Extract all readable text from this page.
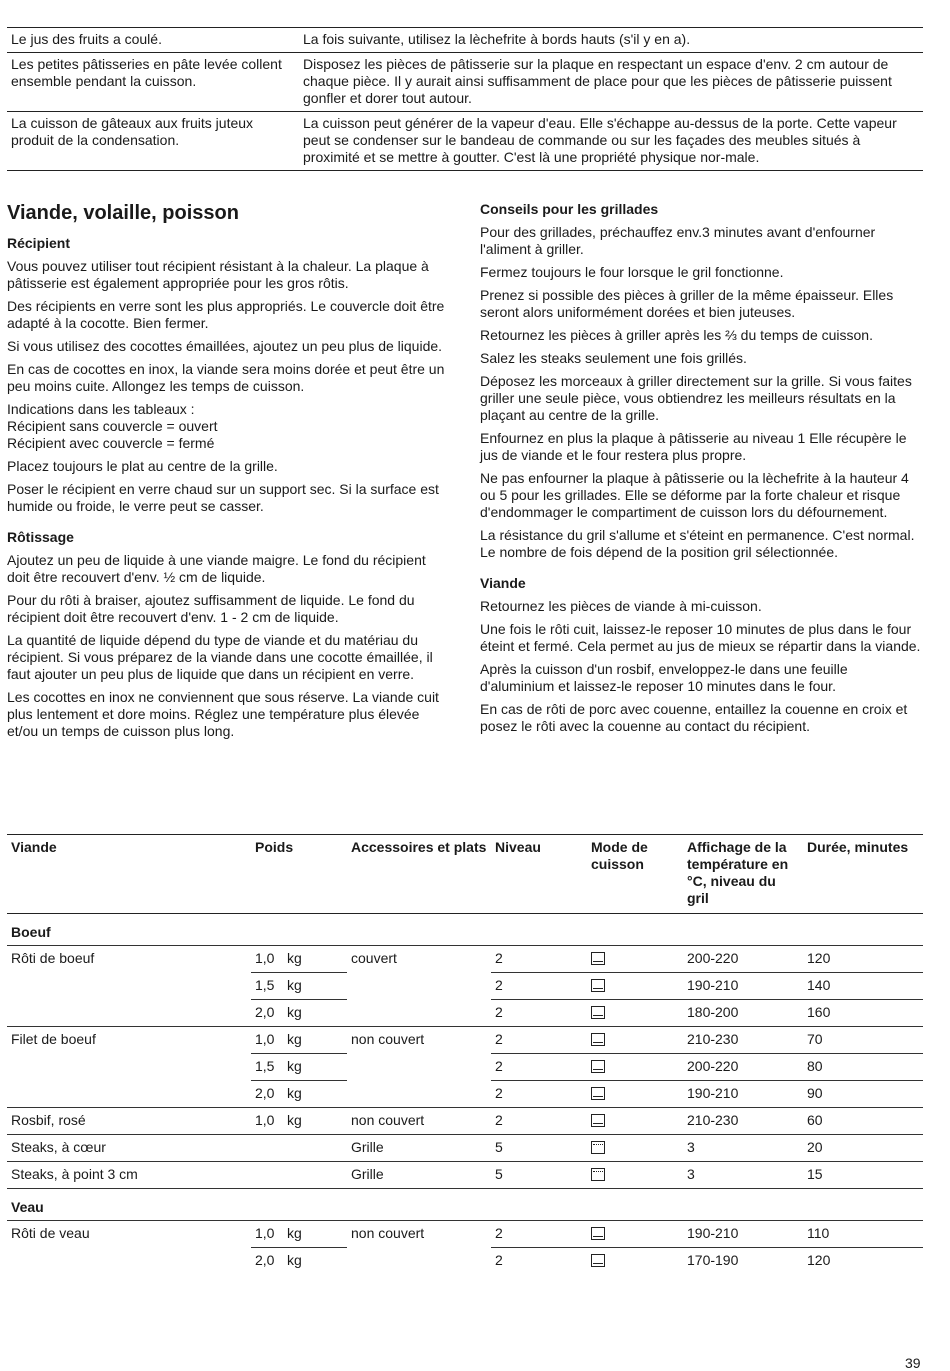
Le jus des fruits a coulé.	La fois suivante, utilisez la lèchefrite à bords hauts (s'il y en a).
Les petites pâtisseries en pâte levée collent ensemble pendant la cuisson.	Disposez les pièces de pâtisserie sur la plaque en respectant un espace d'env. 2 cm autour de chaque pièce. Il y aurait ainsi suffisamment de place pour que les pièces de pâtisserie puissent gonfler et dorer tout autour.
La cuisson de gâteaux aux fruits juteux produit de la condensation.	La cuisson peut générer de la vapeur d'eau. Elle s'échappe au-dessus de la porte. Cette vapeur peut se condenser sur le bandeau de commande ou sur les façades des meubles situés à proximité et se mettre à goutter. C'est là une propriété physique nor-male.
Viande, volaille, poisson
Récipient

Vous pouvez utiliser tout récipient résistant à la chaleur. La plaque à pâtisserie est également appropriée pour les gros rôtis.

Des récipients en verre sont les plus appropriés. Le couvercle doit être adapté à la cocotte. Bien fermer.

Si vous utilisez des cocottes émaillées, ajoutez un peu plus de liquide.

En cas de cocottes en inox, la viande sera moins dorée et peut être un peu moins cuite. Allongez les temps de cuisson.

Indications dans les tableaux :
Récipient sans couvercle = ouvert
Récipient avec couvercle = fermé

Placez toujours le plat au centre de la grille.

Poser le récipient en verre chaud sur un support sec. Si la surface est humide ou froide, le verre peut se casser.

Rôtissage

Ajoutez un peu de liquide à une viande maigre. Le fond du récipient doit être recouvert d'env. ½ cm de liquide.

Pour du rôti à braiser, ajoutez suffisamment de liquide. Le fond du récipient doit être recouvert d'env. 1 - 2 cm de liquide.

La quantité de liquide dépend du type de viande et du matériau du récipient. Si vous préparez de la viande dans une cocotte émaillée, il faut ajouter un peu plus de liquide que dans un récipient en verre.

Les cocottes en inox ne conviennent que sous réserve. La viande cuit plus lentement et dore moins. Réglez une température plus élevée et/ou un temps de cuisson plus long.

Conseils pour les grillades

Pour des grillades, préchauffez env.3 minutes avant d'enfourner l'aliment à griller.

Fermez toujours le four lorsque le gril fonctionne.

Prenez si possible des pièces à griller de la même épaisseur. Elles seront alors uniformément dorées et bien juteuses.

Retournez les pièces à griller après les ⅔ du temps de cuisson.

Salez les steaks seulement une fois grillés.

Déposez les morceaux à griller directement sur la grille. Si vous faites griller une seule pièce, vous obtiendrez les meilleurs résultats en la plaçant au centre de la grille.

Enfournez en plus la plaque à pâtisserie au niveau 1 Elle récupère le jus de viande et le four restera plus propre.

Ne pas enfourner la plaque à pâtisserie ou la lèchefrite à la hauteur 4 ou 5 pour les grillades. Elle se déforme par la forte chaleur et risque d'endommager le compartiment de cuisson lors du défournement.

La résistance du gril s'allume et s'éteint en permanence. C'est normal. Le nombre de fois dépend de la position gril sélectionnée.

Viande

Retournez les pièces de viande à mi-cuisson.

Une fois le rôti cuit, laissez-le reposer 10 minutes de plus dans le four éteint et fermé. Cela permet au jus de mieux se répartir dans la viande.

Après la cuisson d'un rosbif, enveloppez-le dans une feuille d'aluminium et laissez-le reposer 10 minutes dans le four.

En cas de rôti de porc avec couenne, entaillez la couenne en croix et posez le rôti avec la couenne au contact du récipient.

Viande	Poids	Accessoires et plats	Niveau	Mode de cuisson	Affichage de la température en °C, niveau du gril	Durée, minutes
Boeuf						
Rôti de boeuf	1,0 kg	couvert	2		200-220	120
	1,5 kg		2		190-210	140
	2,0 kg		2		180-200	160
Filet de boeuf	1,0 kg	non couvert	2		210-230	70
	1,5 kg		2		200-220	80
	2,0 kg		2		190-210	90
Rosbif, rosé	1,0 kg	non couvert	2		210-230	60
Steaks, à cœur		Grille	5		3	20
Steaks, à point 3 cm		Grille	5		3	15
Veau						
Rôti de veau	1,0 kg	non couvert	2		190-210	110
	2,0 kg		2		170-190	120
39
